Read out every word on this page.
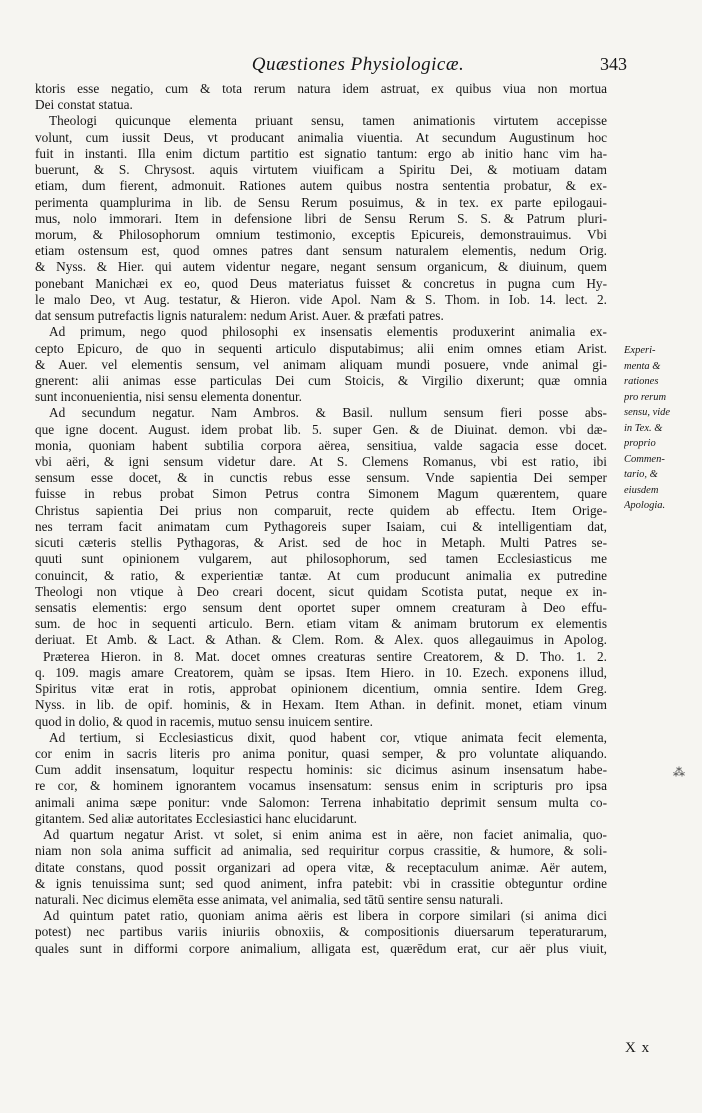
Quæstiones Physiologicæ.	343
ktoris esse negatio, cum & tota rerum natura idem astruat, ex quibus viua non mortua
Dei constat statua.
Theologi quicunque elementa priuant sensu, tamen animationis virtutem accepisse
volunt, cum iussit Deus, vt producant animalia viuentia. At secundum Augustinum hoc
fuit in instanti. Illa enim dictum partitio est signatio tantum: ergo ab initio hanc vim ha-
buerunt, & S. Chrysost. aquis virtutem viuificam a Spiritu Dei, & motiuam datam
etiam, dum fierent, admonuit. Rationes autem quibus nostra sententia probatur, & ex-
perimenta quamplurima in lib. de Sensu Rerum posuimus, & in tex. ex parte epilogaui-
mus, nolo immorari. Item in defensione libri de Sensu Rerum S. S. & Patrum pluri-
morum, & Philosophorum omnium testimonio, exceptis Epicureis, demonstrauimus. Vbi
etiam ostensum est, quod omnes patres dant sensum naturalem elementis, nedum Orig.
& Nyss. & Hier. qui autem videntur negare, negant sensum organicum, & diuinum, quem
ponebant Manichæi ex eo, quod Deus materiatus fuisset & concretus in pugna cum Hy-
le malo Deo, vt Aug. testatur, & Hieron. vide Apol. Nam & S. Thom. in Iob. 14. lect. 2.
dat sensum putrefactis lignis naturalem: nedum Arist. Auer. & præfati patres.
Ad primum, nego quod philosophi ex insensatis elementis produxerint animalia ex-
cepto Epicuro, de quo in sequenti articulo disputabimus; alii enim omnes etiam Arist.
& Auer. vel elementis sensum, vel animam aliquam mundi posuere, vnde animal gi-
gnerent: alii animas esse particulas Dei cum Stoicis, & Virgilio dixerunt; quæ omnia
sunt inconuenientia, nisi sensu elementa donentur.
Ad secundum negatur. Nam Ambros. & Basil. nullum sensum fieri posse abs-
que igne docent. August. idem probat lib. 5. super Gen. & de Diuinat. demon. vbi dæ-
monia, quoniam habent subtilia corpora aërea, sensitiua, valde sagacia esse docet.
vbi aëri, & igni sensum videtur dare. At S. Clemens Romanus, vbi est ratio, ibi
sensum esse docet, & in cunctis rebus esse sensum. Vnde sapientia Dei semper
fuisse in rebus probat Simon Petrus contra Simonem Magum quærentem, quare
Christus sapientia Dei prius non comparuit, recte quidem ab effectu. Item Orige-
nes terram facit animatam cum Pythagoreis super Isaiam, cui & intelligentiam dat,
sicuti cæteris stellis Pythagoras, & Arist. sed de hoc in Metaph. Multi Patres se-
quuti sunt opinionem vulgarem, aut philosophorum, sed tamen Ecclesiasticus me
conuincit, & ratio, & experientiæ tantæ. At cum producunt animalia ex putredine
Theologi non vtique à Deo creari docent, sicut quidam Scotista putat, neque ex in-
sensatis elementis: ergo sensum dent oportet super omnem creaturam à Deo effu-
sum. de hoc in sequenti articulo. Bern. etiam vitam & animam brutorum ex elementis
deriuat. Et Amb. & Lact. & Athan. & Clem. Rom. & Alex. quos allegauimus in Apolog.
Præterea Hieron. in 8. Mat. docet omnes creaturas sentire Creatorem, & D. Tho. 1. 2.
q. 109. magis amare Creatorem, quàm se ipsas. Item Hiero. in 10. Ezech. exponens illud,
Spiritus vitæ erat in rotis, approbat opinionem dicentium, omnia sentire. Idem Greg.
Nyss. in lib. de opif. hominis, & in Hexam. Item Athan. in definit. monet, etiam vinum
quod in dolio, & quod in racemis, mutuo sensu inuicem sentire.
Ad tertium, si Ecclesiasticus dixit, quod habent cor, vtique animata fecit elementa,
cor enim in sacris literis pro anima ponitur, quasi semper, & pro voluntate aliquando.
Cum addit insensatum, loquitur respectu hominis: sic dicimus asinum insensatum habe-
re cor, & hominem ignorantem vocamus insensatum: sensus enim in scripturis pro ipsa
animali anima sæpe ponitur: vnde Salomon: Terrena inhabitatio deprimit sensum multa co-
gitantem. Sed aliæ autoritates Ecclesiastici hanc elucidarunt.
Ad quartum negatur Arist. vt solet, si enim anima est in aëre, non faciet animalia, quo-
niam non sola anima sufficit ad animalia, sed requiritur corpus crassitie, & humore, & soli-
ditate constans, quod possit organizari ad opera vitæ, & receptaculum animæ. Aër autem,
& ignis tenuissima sunt; sed quod animent, infra patebit: vbi in crassitie obteguntur ordine
naturali. Nec dicimus elemēta esse animata, vel animalia, sed tātū sentire sensu naturali.
Ad quintum patet ratio, quoniam anima aëris est libera in corpore similari (si anima dici
potest) nec partibus variis iniuriis obnoxiis, & compositionis diuersarum teperaturarum,
quales sunt in difformi corpore animalium, alligata est, quærēdum erat, cur aër plus viuit,
Experi-
menta &
rationes
pro rerum
sensu, vide
in Tex. &
proprio
Commen-
tario, &
eiusdem
Apologia.
⁂
X x
